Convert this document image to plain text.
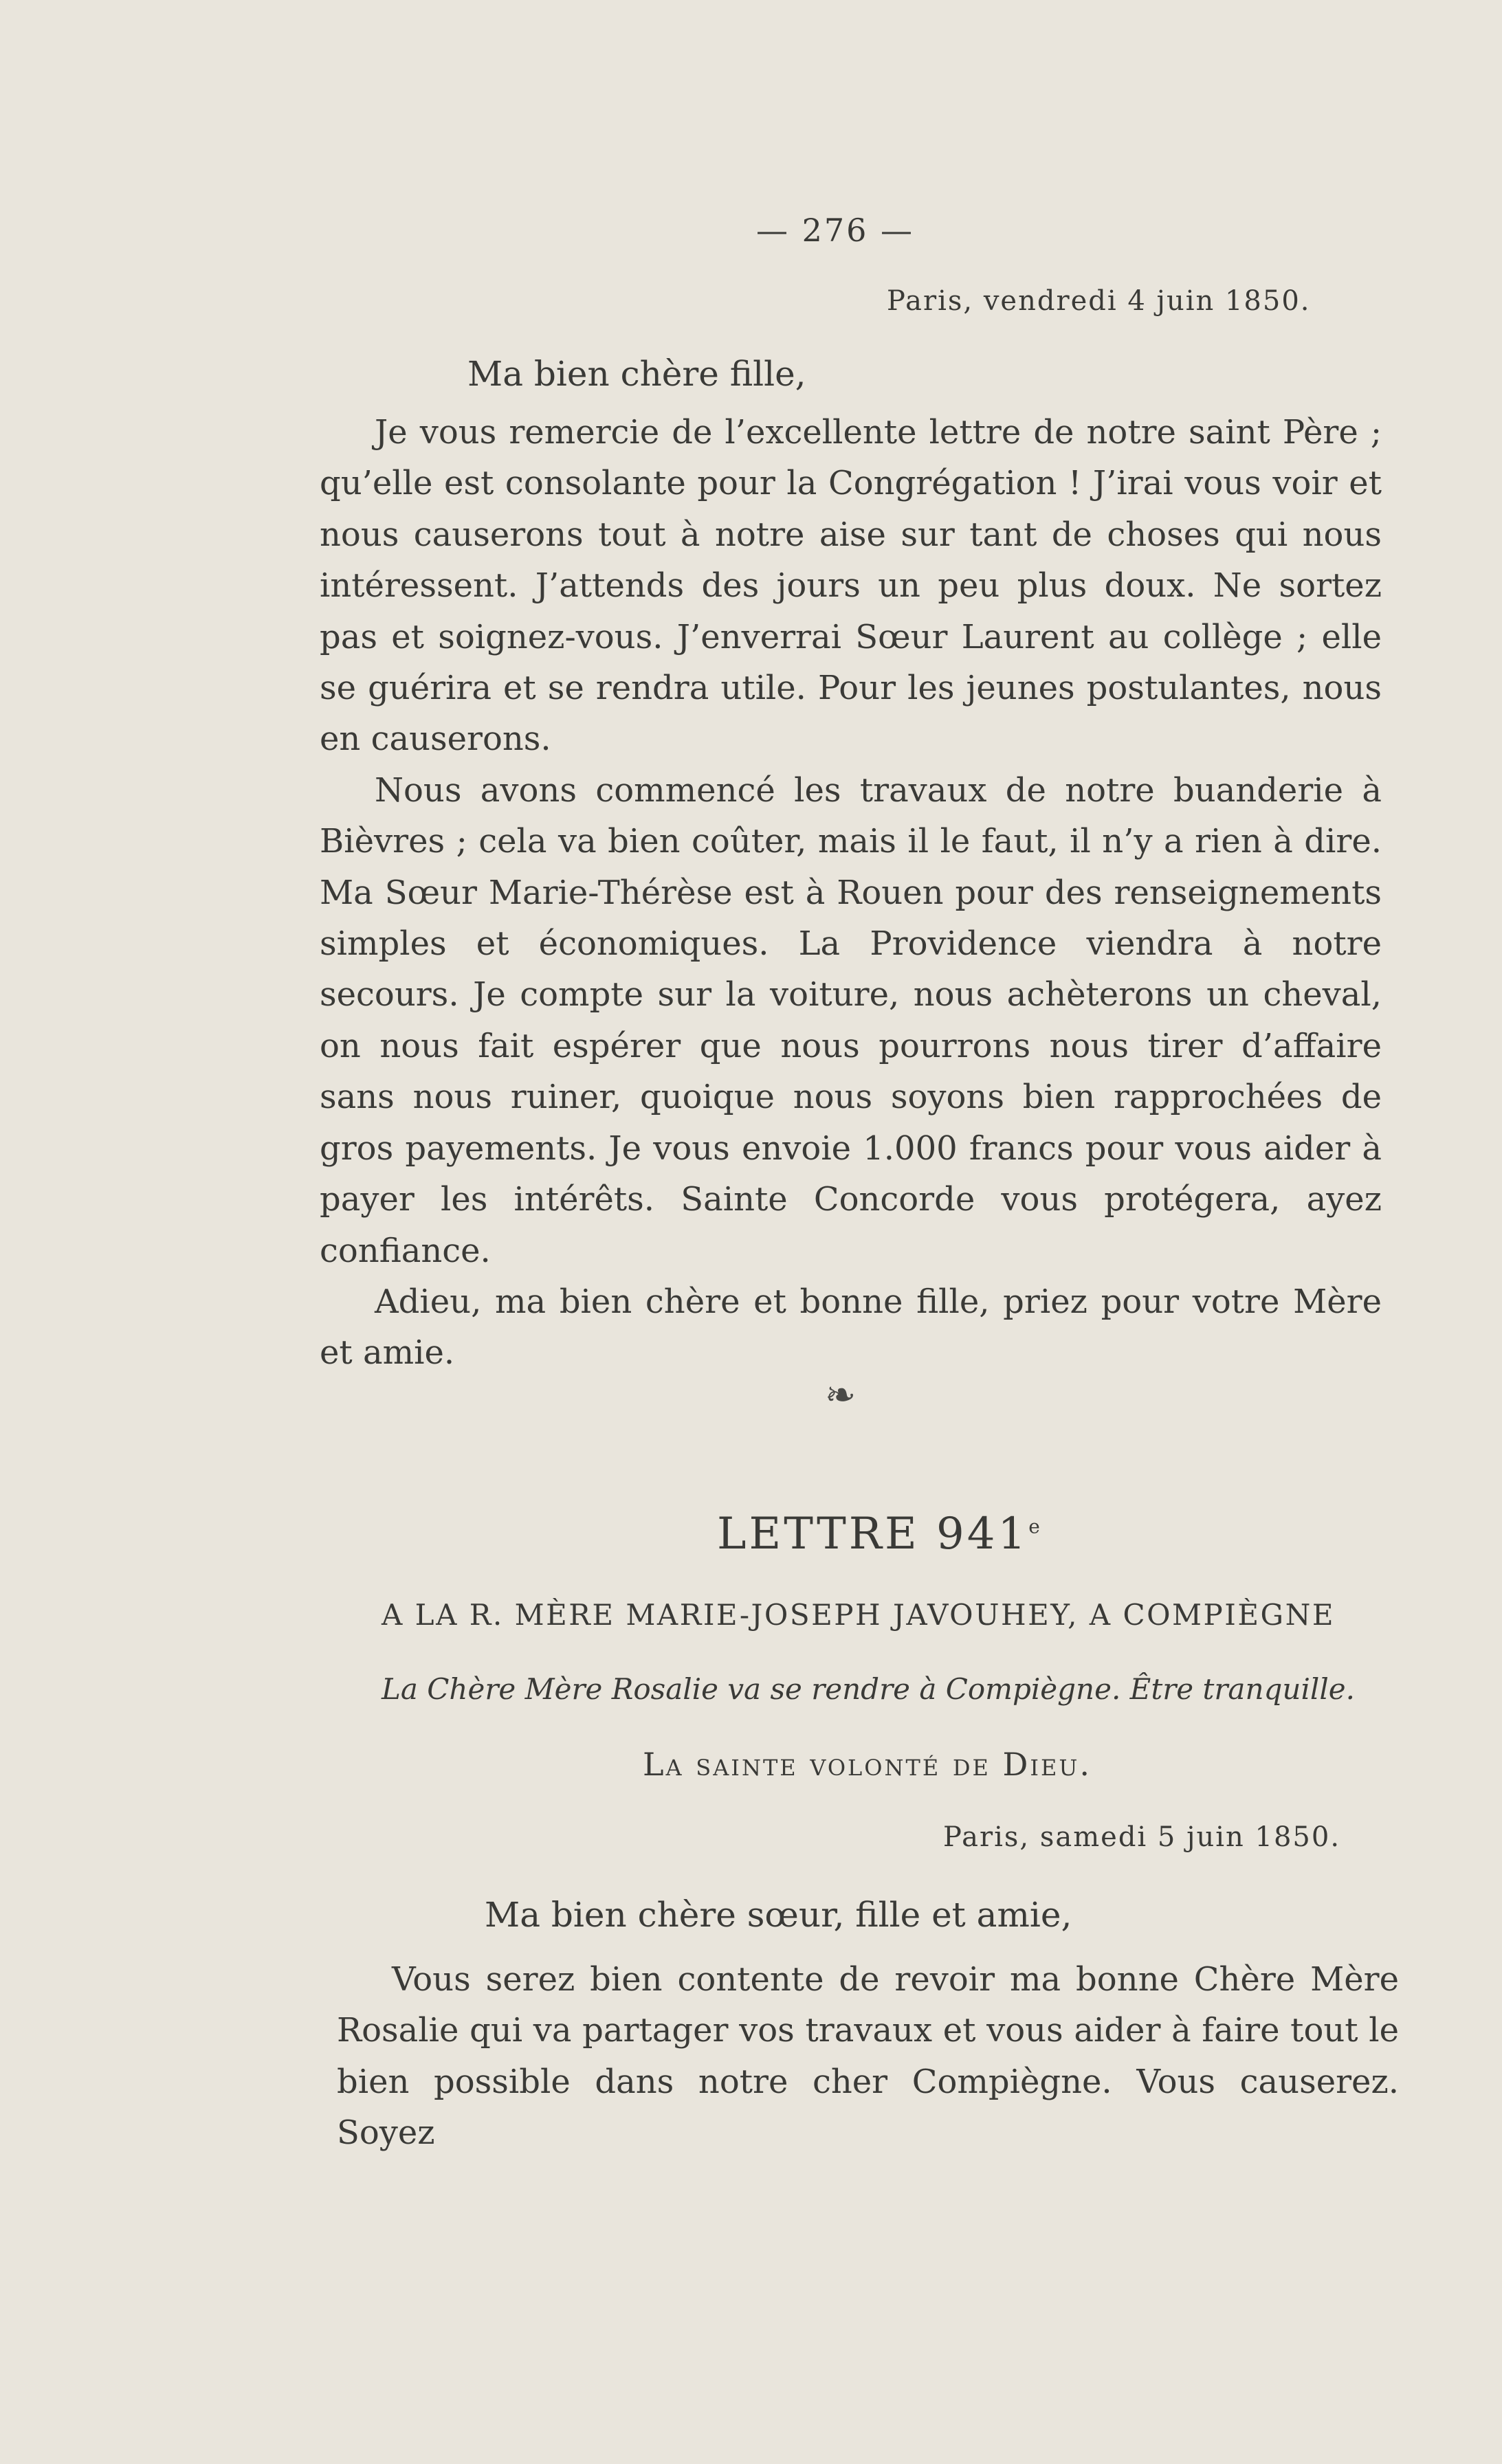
— 276 —
Paris, vendredi 4 juin 1850.
Ma bien chère fille,

Je vous remercie de l’excellente lettre de notre saint Père ; qu’elle est consolante pour la Congrégation ! J’irai vous voir et nous causerons tout à notre aise sur tant de choses qui nous intéressent. J’attends des jours un peu plus doux. Ne sortez pas et soignez-vous. J’enverrai Sœur Laurent au collège ; elle se guérira et se rendra utile. Pour les jeunes postulantes, nous en causerons.

Nous avons commencé les travaux de notre buanderie à Bièvres ; cela va bien coûter, mais il le faut, il n’y a rien à dire. Ma Sœur Marie-Thérèse est à Rouen pour des renseignements simples et économiques. La Providence viendra à notre secours. Je compte sur la voiture, nous achèterons un cheval, on nous fait espérer que nous pourrons nous tirer d’affaire sans nous ruiner, quoique nous soyons bien rapprochées de gros payements. Je vous envoie 1.000 francs pour vous aider à payer les intérêts. Sainte Concorde vous protégera, ayez confiance.

Adieu, ma bien chère et bonne fille, priez pour votre Mère et amie.

❧
LETTRE 941e
A LA R. MÈRE MARIE-JOSEPH JAVOUHEY, A COMPIÈGNE
La Chère Mère Rosalie va se rendre à Compiègne. Être tranquille.
La sainte volonté de Dieu.
Paris, samedi 5 juin 1850.
Ma bien chère sœur, fille et amie,

Vous serez bien contente de revoir ma bonne Chère Mère Rosalie qui va partager vos travaux et vous aider à faire tout le bien possible dans notre cher Compiègne. Vous causerez. Soyez
